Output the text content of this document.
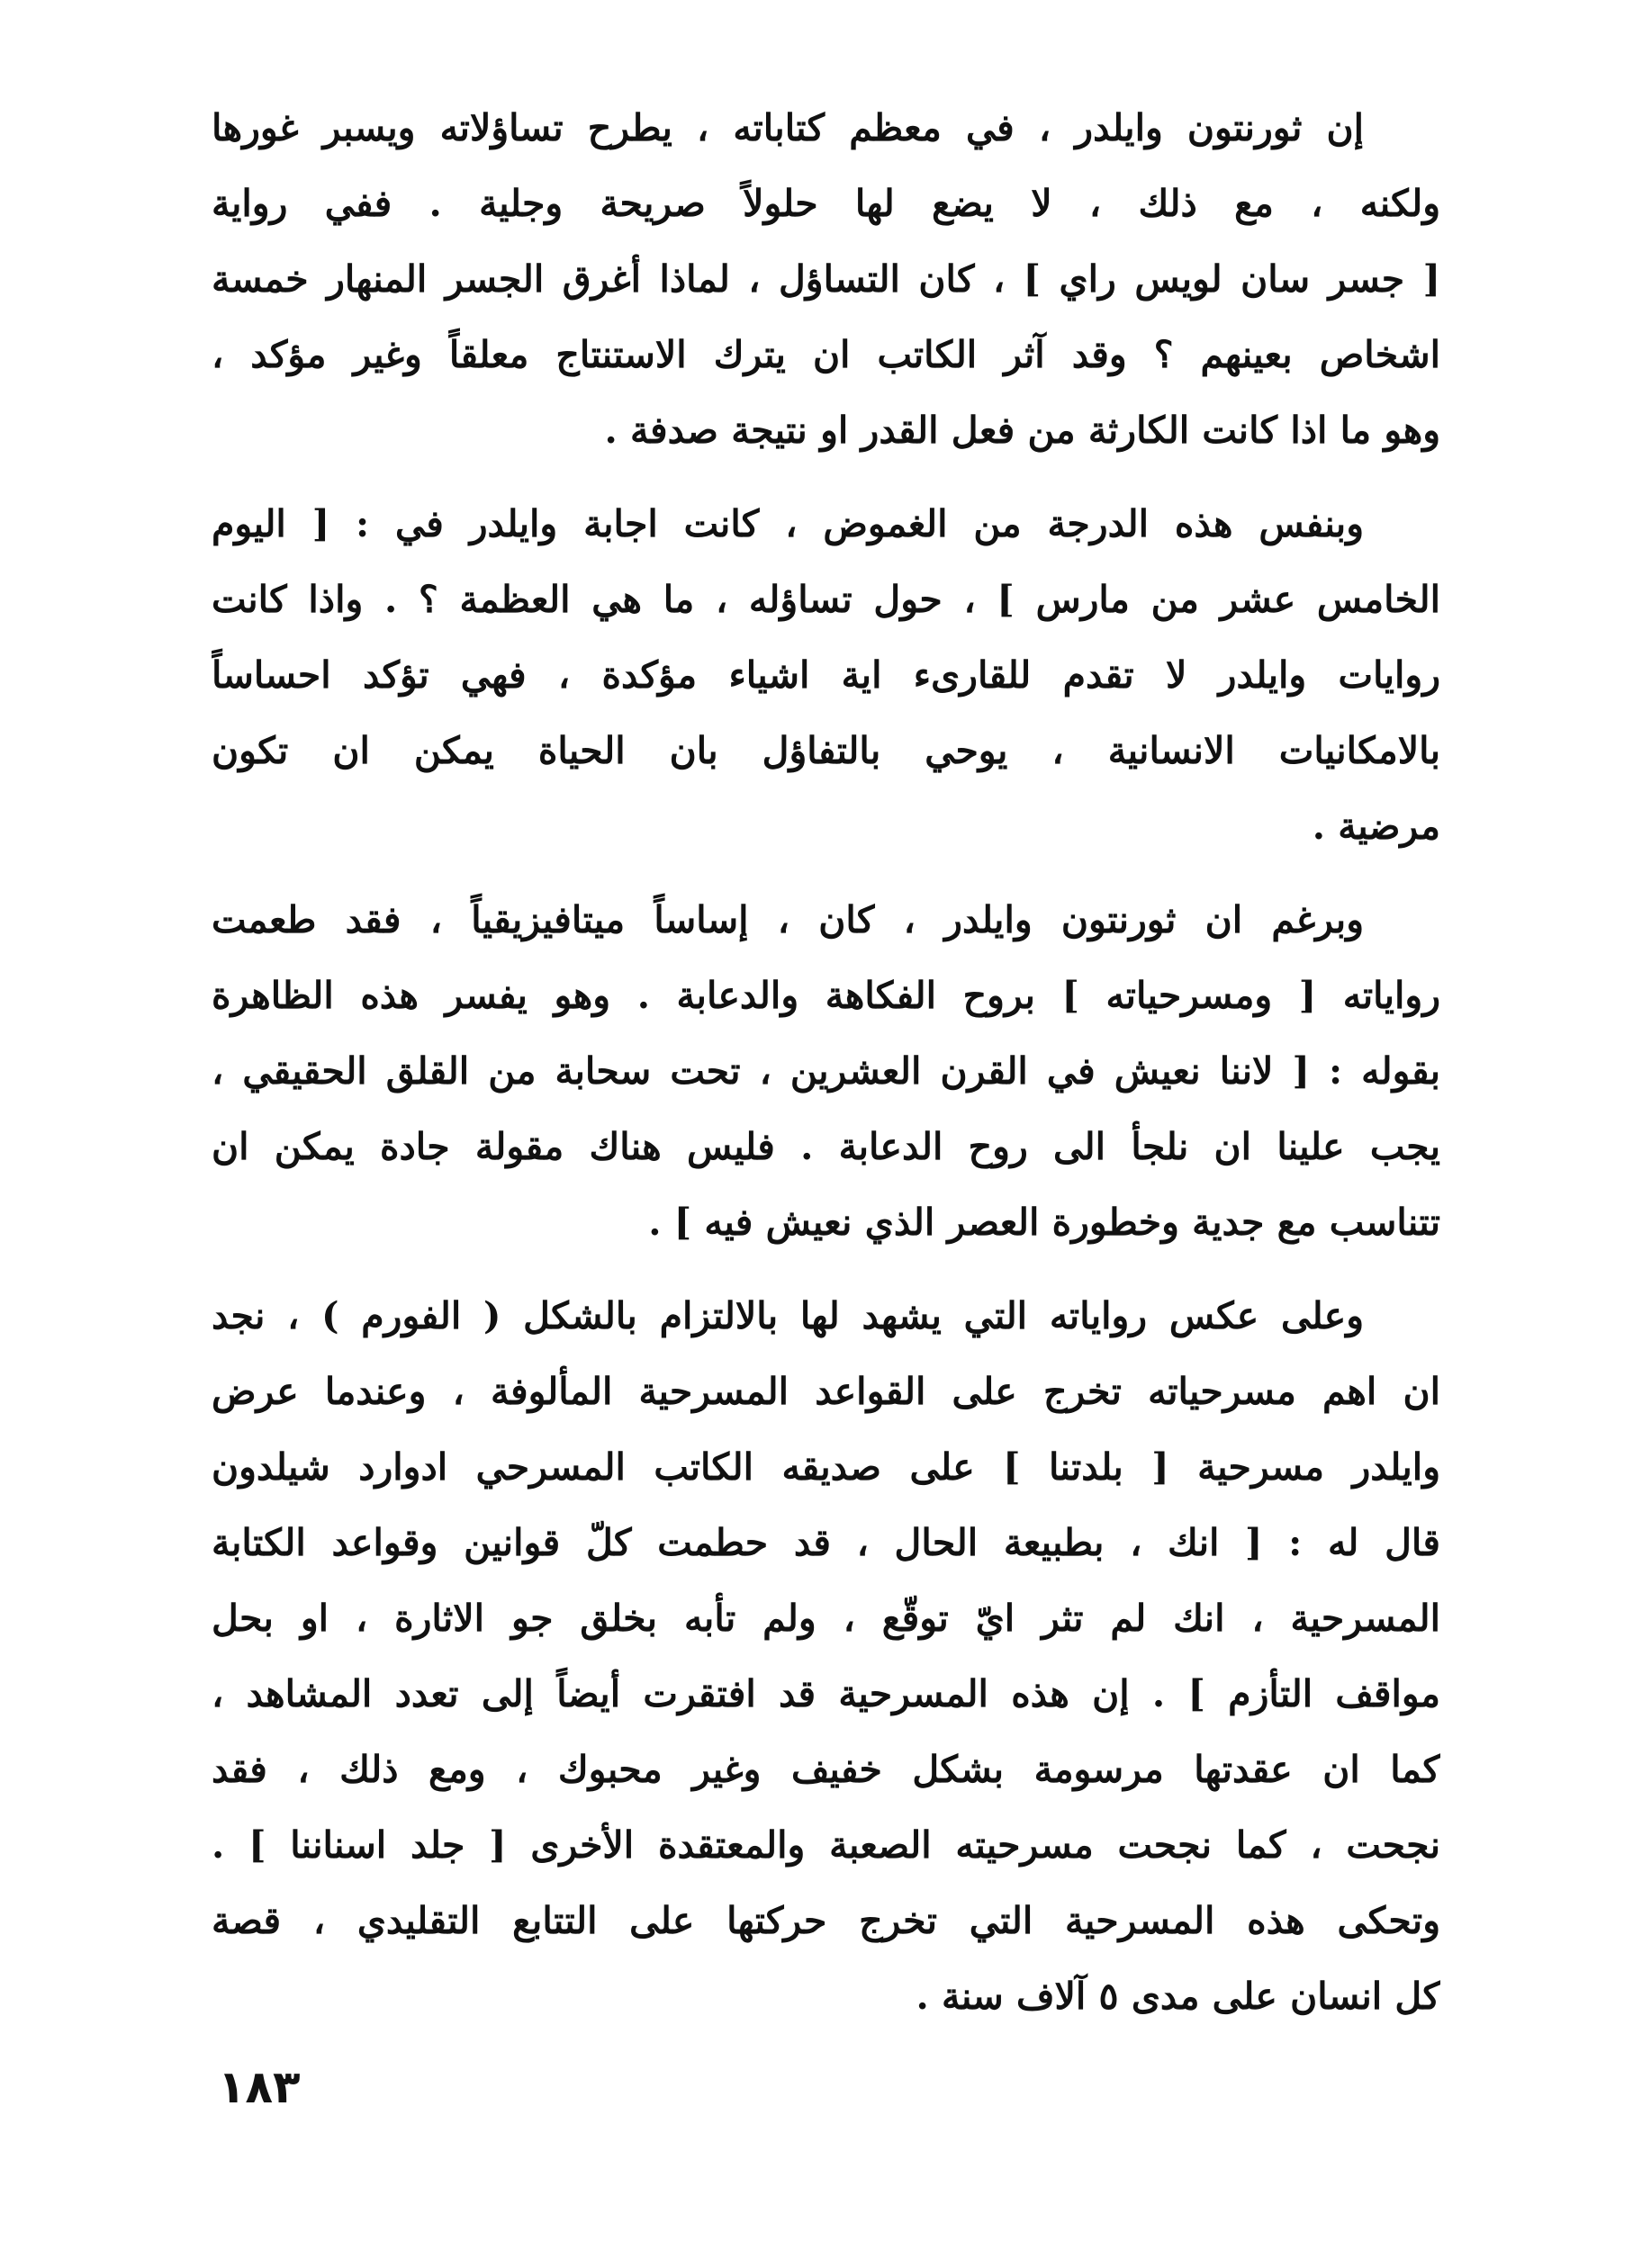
إن ثورنتون وايلدر ، في معظم كتاباته ، يطرح تساؤلاته ويسبر غورها
ولكنه ، مع ذلك ، لا يضع لها حلولاً صريحة وجلية . ففي رواية
[ جسر سان لويس راي ] ، كان التساؤل ، لماذا أغرق الجسر المنهار خمسة
اشخاص بعينهم ؟ وقد آثر الكاتب ان يترك الاستنتاج معلقاً وغير مؤكد ،
وهو ما اذا كانت الكارثة من فعل القدر او نتيجة صدفة .
وبنفس هذه الدرجة من الغموض ، كانت اجابة وايلدر في : [ اليوم
الخامس عشر من مارس ] ، حول تساؤله ، ما هي العظمة ؟ . واذا كانت
روايات وايلدر لا تقدم للقارىء اية اشياء مؤكدة ، فهي تؤكد احساساً
بالامكانيات الانسانية ، يوحي بالتفاؤل بان الحياة يمكن ان تكون
مرضية .
وبرغم ان ثورنتون وايلدر ، كان ، إساساً ميتافيزيقياً ، فقد طعمت
رواياته [ ومسرحياته ] بروح الفكاهة والدعابة . وهو يفسر هذه الظاهرة
بقوله : [ لاننا نعيش في القرن العشرين ، تحت سحابة من القلق الحقيقي ،
يجب علينا ان نلجأ الى روح الدعابة . فليس هناك مقولة جادة يمكن ان
تتناسب مع جدية وخطورة العصر الذي نعيش فيه ] .
وعلى عكس رواياته التي يشهد لها بالالتزام بالشكل ( الفورم ) ، نجد
ان اهم مسرحياته تخرج على القواعد المسرحية المألوفة ، وعندما عرض
وايلدر مسرحية [ بلدتنا ] على صديقه الكاتب المسرحي ادوارد شيلدون
قال له : [ انك ، بطبيعة الحال ، قد حطمت كلّ قوانين وقواعد الكتابة
المسرحية ، انك لم تثر ايّ توقّع ، ولم تأبه بخلق جو الاثارة ، او بحل
مواقف التأزم ] . إن هذه المسرحية قد افتقرت أيضاً إلى تعدد المشاهد ،
كما ان عقدتها مرسومة بشكل خفيف وغير محبوك ، ومع ذلك ، فقد
نجحت ، كما نجحت مسرحيته الصعبة والمعتقدة الأخرى [ جلد اسناننا ] .
وتحكى هذه المسرحية التي تخرج حركتها على التتابع التقليدي ، قصة
كل انسان على مدى ٥ آلاف سنة .
١٨٣
